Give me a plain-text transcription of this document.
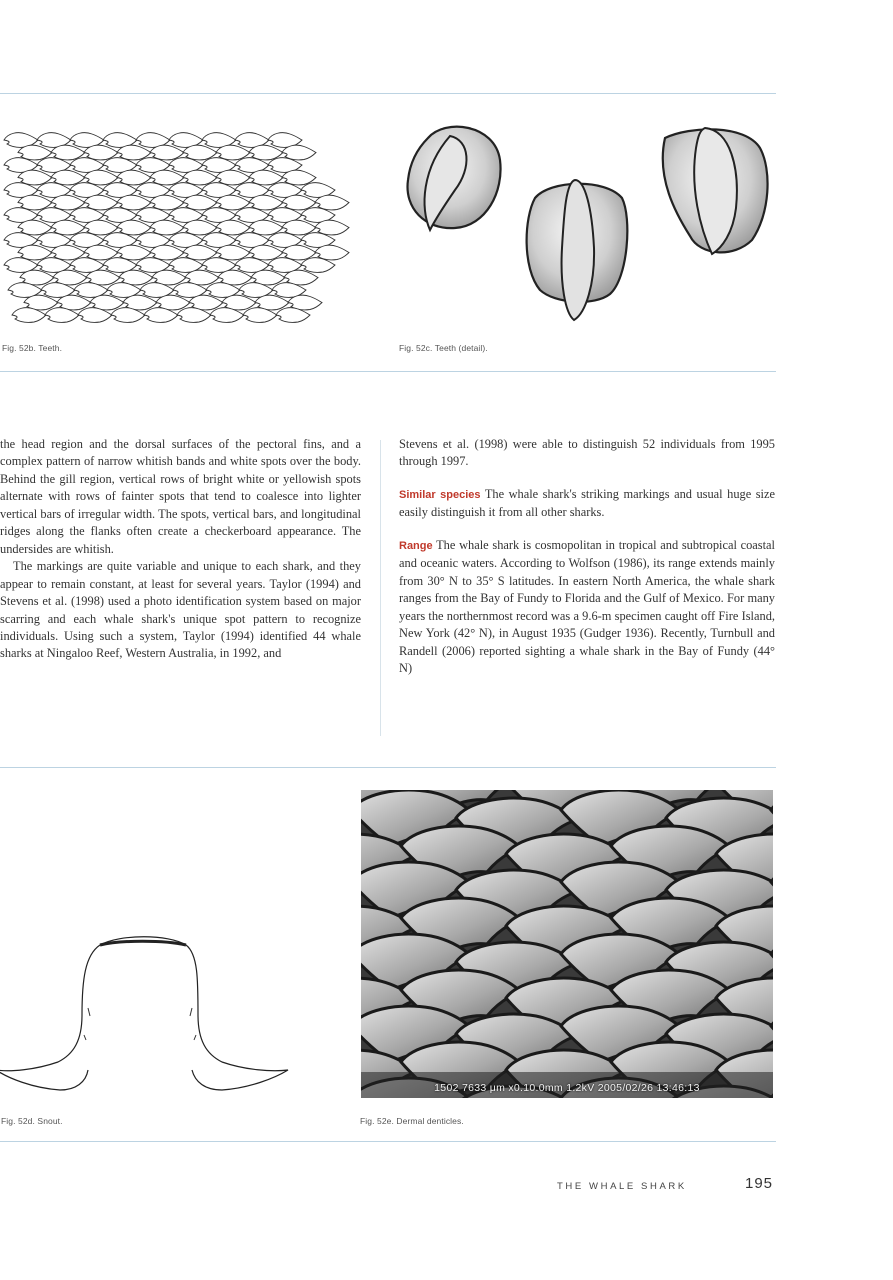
Fig. 52b. Teeth.	Fig. 52c. Teeth (detail).

the head region and the dorsal surfaces of the pectoral fins, and a complex pattern of narrow whitish bands and white spots over the body. Behind the gill region, vertical rows of bright white or yellowish spots alternate with rows of fainter spots that tend to coalesce into lighter vertical bars of irregular width. The spots, vertical bars, and longitudinal ridges along the flanks often create a checkerboard appearance. The undersides are whitish.

The markings are quite variable and unique to each shark, and they appear to remain constant, at least for several years. Taylor (1994) and Stevens et al. (1998) used a photo identification system based on major scarring and each whale shark's unique spot pattern to recognize individuals. Using such a system, Taylor (1994) identified 44 whale sharks at Ningaloo Reef, Western Australia, in 1992, and

Stevens et al. (1998) were able to distinguish 52 individuals from 1995 through 1997.

Similar species The whale shark's striking markings and usual huge size easily distinguish it from all other sharks.

Range The whale shark is cosmopolitan in tropical and subtropical coastal and oceanic waters. According to Wolfson (1986), its range extends mainly from 30° N to 35° S latitudes. In eastern North America, the whale shark ranges from the Bay of Fundy to Florida and the Gulf of Mexico. For many years the northernmost record was a 9.6-m specimen caught off Fire Island, New York (42° N), in August 1935 (Gudger 1936). Recently, Turnbull and Randell (2006) reported sighting a whale shark in the Bay of Fundy (44° N)

Fig. 52d. Snout.
1502 7633 μm x0.10.0mm 1.2kV 2005/02/26 13:46:13
Fig. 52e. Dermal denticles.
THE WHALE SHARK	195
